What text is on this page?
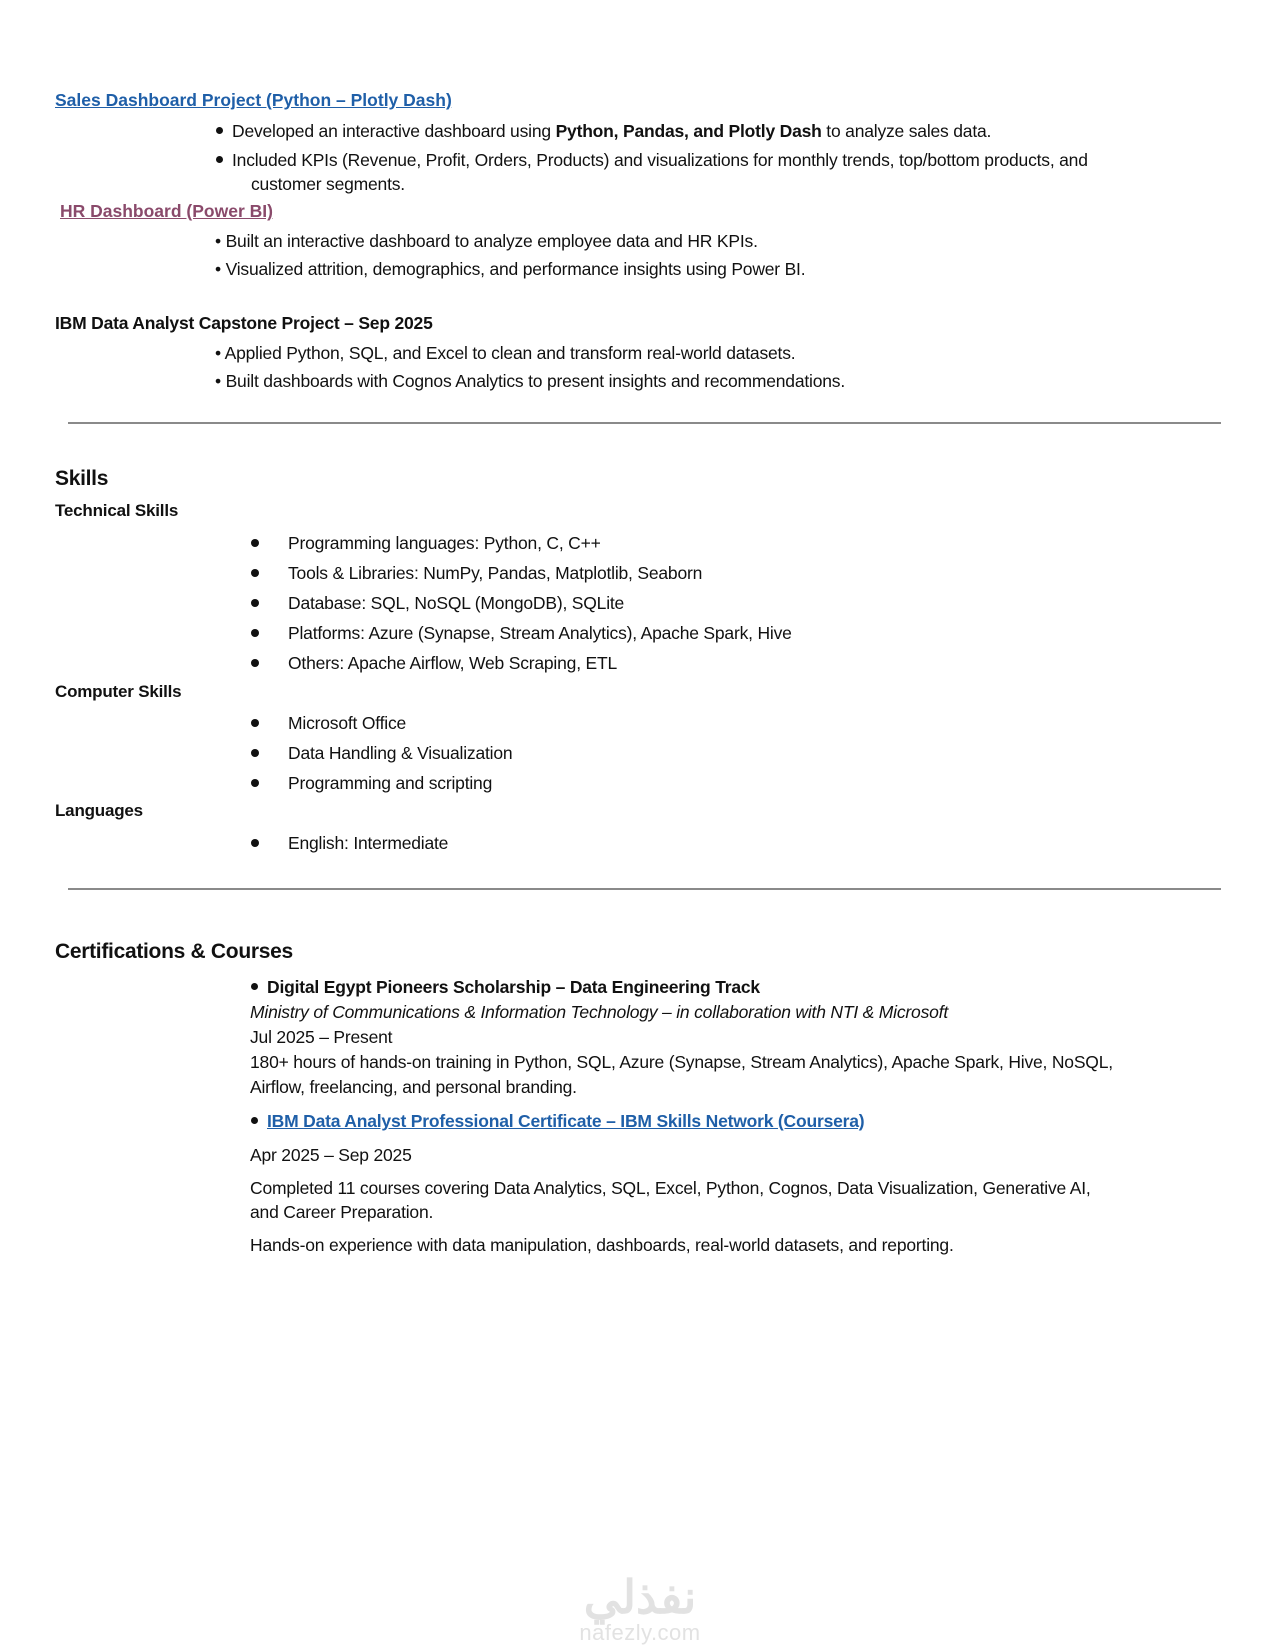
Sales Dashboard Project (Python – Plotly Dash)
Developed an interactive dashboard using Python, Pandas, and Plotly Dash to analyze sales data.
Included KPIs (Revenue, Profit, Orders, Products) and visualizations for monthly trends, top/bottom products, and
customer segments.
HR Dashboard (Power BI)
• Built an interactive dashboard to analyze employee data and HR KPIs.
• Visualized attrition, demographics, and performance insights using Power BI.
IBM Data Analyst Capstone Project – Sep 2025
• Applied Python, SQL, and Excel to clean and transform real-world datasets.
• Built dashboards with Cognos Analytics to present insights and recommendations.
Skills
Technical Skills
Programming languages: Python, C, C++
Tools & Libraries: NumPy, Pandas, Matplotlib, Seaborn
Database: SQL, NoSQL (MongoDB), SQLite
Platforms: Azure (Synapse, Stream Analytics), Apache Spark, Hive
Others: Apache Airflow, Web Scraping, ETL
Computer Skills
Microsoft Office
Data Handling & Visualization
Programming and scripting
Languages
English: Intermediate
Certifications & Courses
Digital Egypt Pioneers Scholarship – Data Engineering Track
Ministry of Communications & Information Technology – in collaboration with NTI & Microsoft
Jul 2025 – Present
180+ hours of hands-on training in Python, SQL, Azure (Synapse, Stream Analytics), Apache Spark, Hive, NoSQL,
Airflow, freelancing, and personal branding.
IBM Data Analyst Professional Certificate – IBM Skills Network (Coursera)
Apr 2025 – Sep 2025
Completed 11 courses covering Data Analytics, SQL, Excel, Python, Cognos, Data Visualization, Generative AI,
and Career Preparation.
Hands-on experience with data manipulation, dashboards, real-world datasets, and reporting.
نفذلي
nafezly.com
